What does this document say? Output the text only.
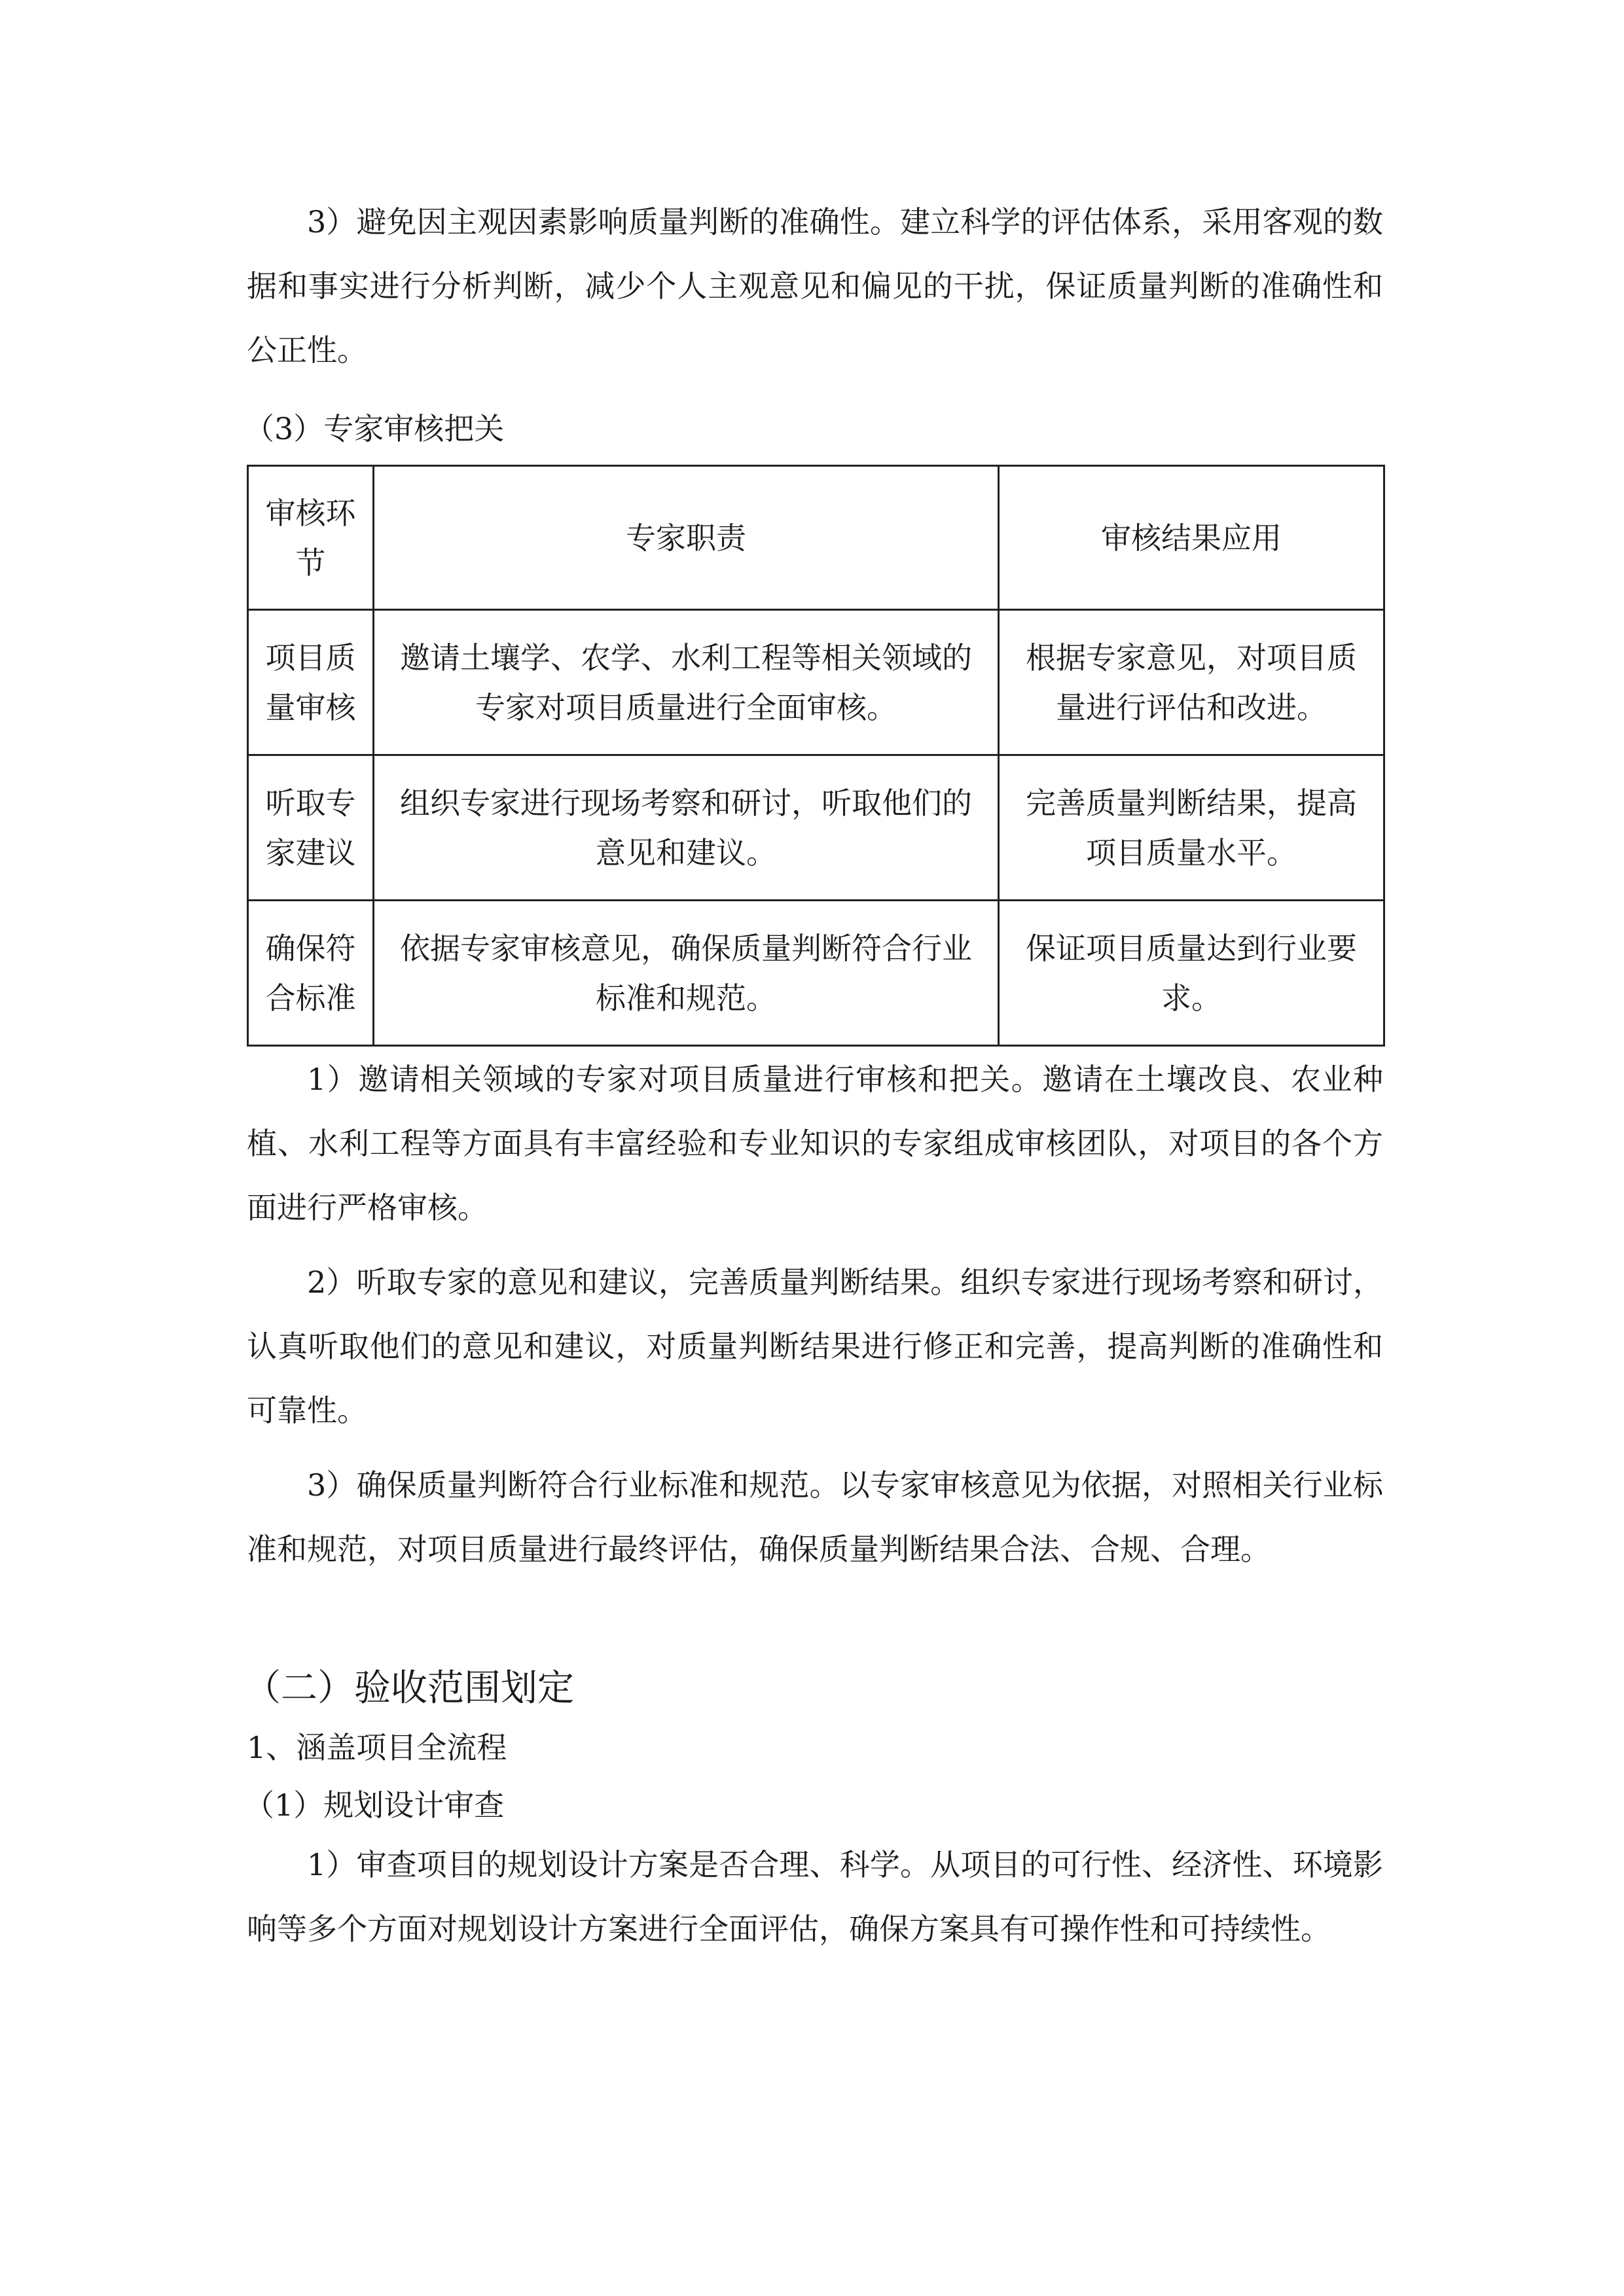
3）避免因主观因素影响质量判断的准确性。建立科学的评估体系，采用客观的数据和事实进行分析判断，减少个人主观意见和偏见的干扰，保证质量判断的准确性和公正性。

（3）专家审核把关

审核环节	专家职责	审核结果应用
项目质量审核	邀请土壤学、农学、水利工程等相关领域的专家对项目质量进行全面审核。	根据专家意见，对项目质量进行评估和改进。
听取专家建议	组织专家进行现场考察和研讨，听取他们的意见和建议。	完善质量判断结果，提高项目质量水平。
确保符合标准	依据专家审核意见，确保质量判断符合行业标准和规范。	保证项目质量达到行业要求。

1）邀请相关领域的专家对项目质量进行审核和把关。邀请在土壤改良、农业种植、水利工程等方面具有丰富经验和专业知识的专家组成审核团队，对项目的各个方面进行严格审核。

2）听取专家的意见和建议，完善质量判断结果。组织专家进行现场考察和研讨，认真听取他们的意见和建议，对质量判断结果进行修正和完善，提高判断的准确性和可靠性。

3）确保质量判断符合行业标准和规范。以专家审核意见为依据，对照相关行业标准和规范，对项目质量进行最终评估，确保质量判断结果合法、合规、合理。

（二）验收范围划定

1、涵盖项目全流程

（1）规划设计审查

1）审查项目的规划设计方案是否合理、科学。从项目的可行性、经济性、环境影响等多个方面对规划设计方案进行全面评估，确保方案具有可操作性和可持续性。
